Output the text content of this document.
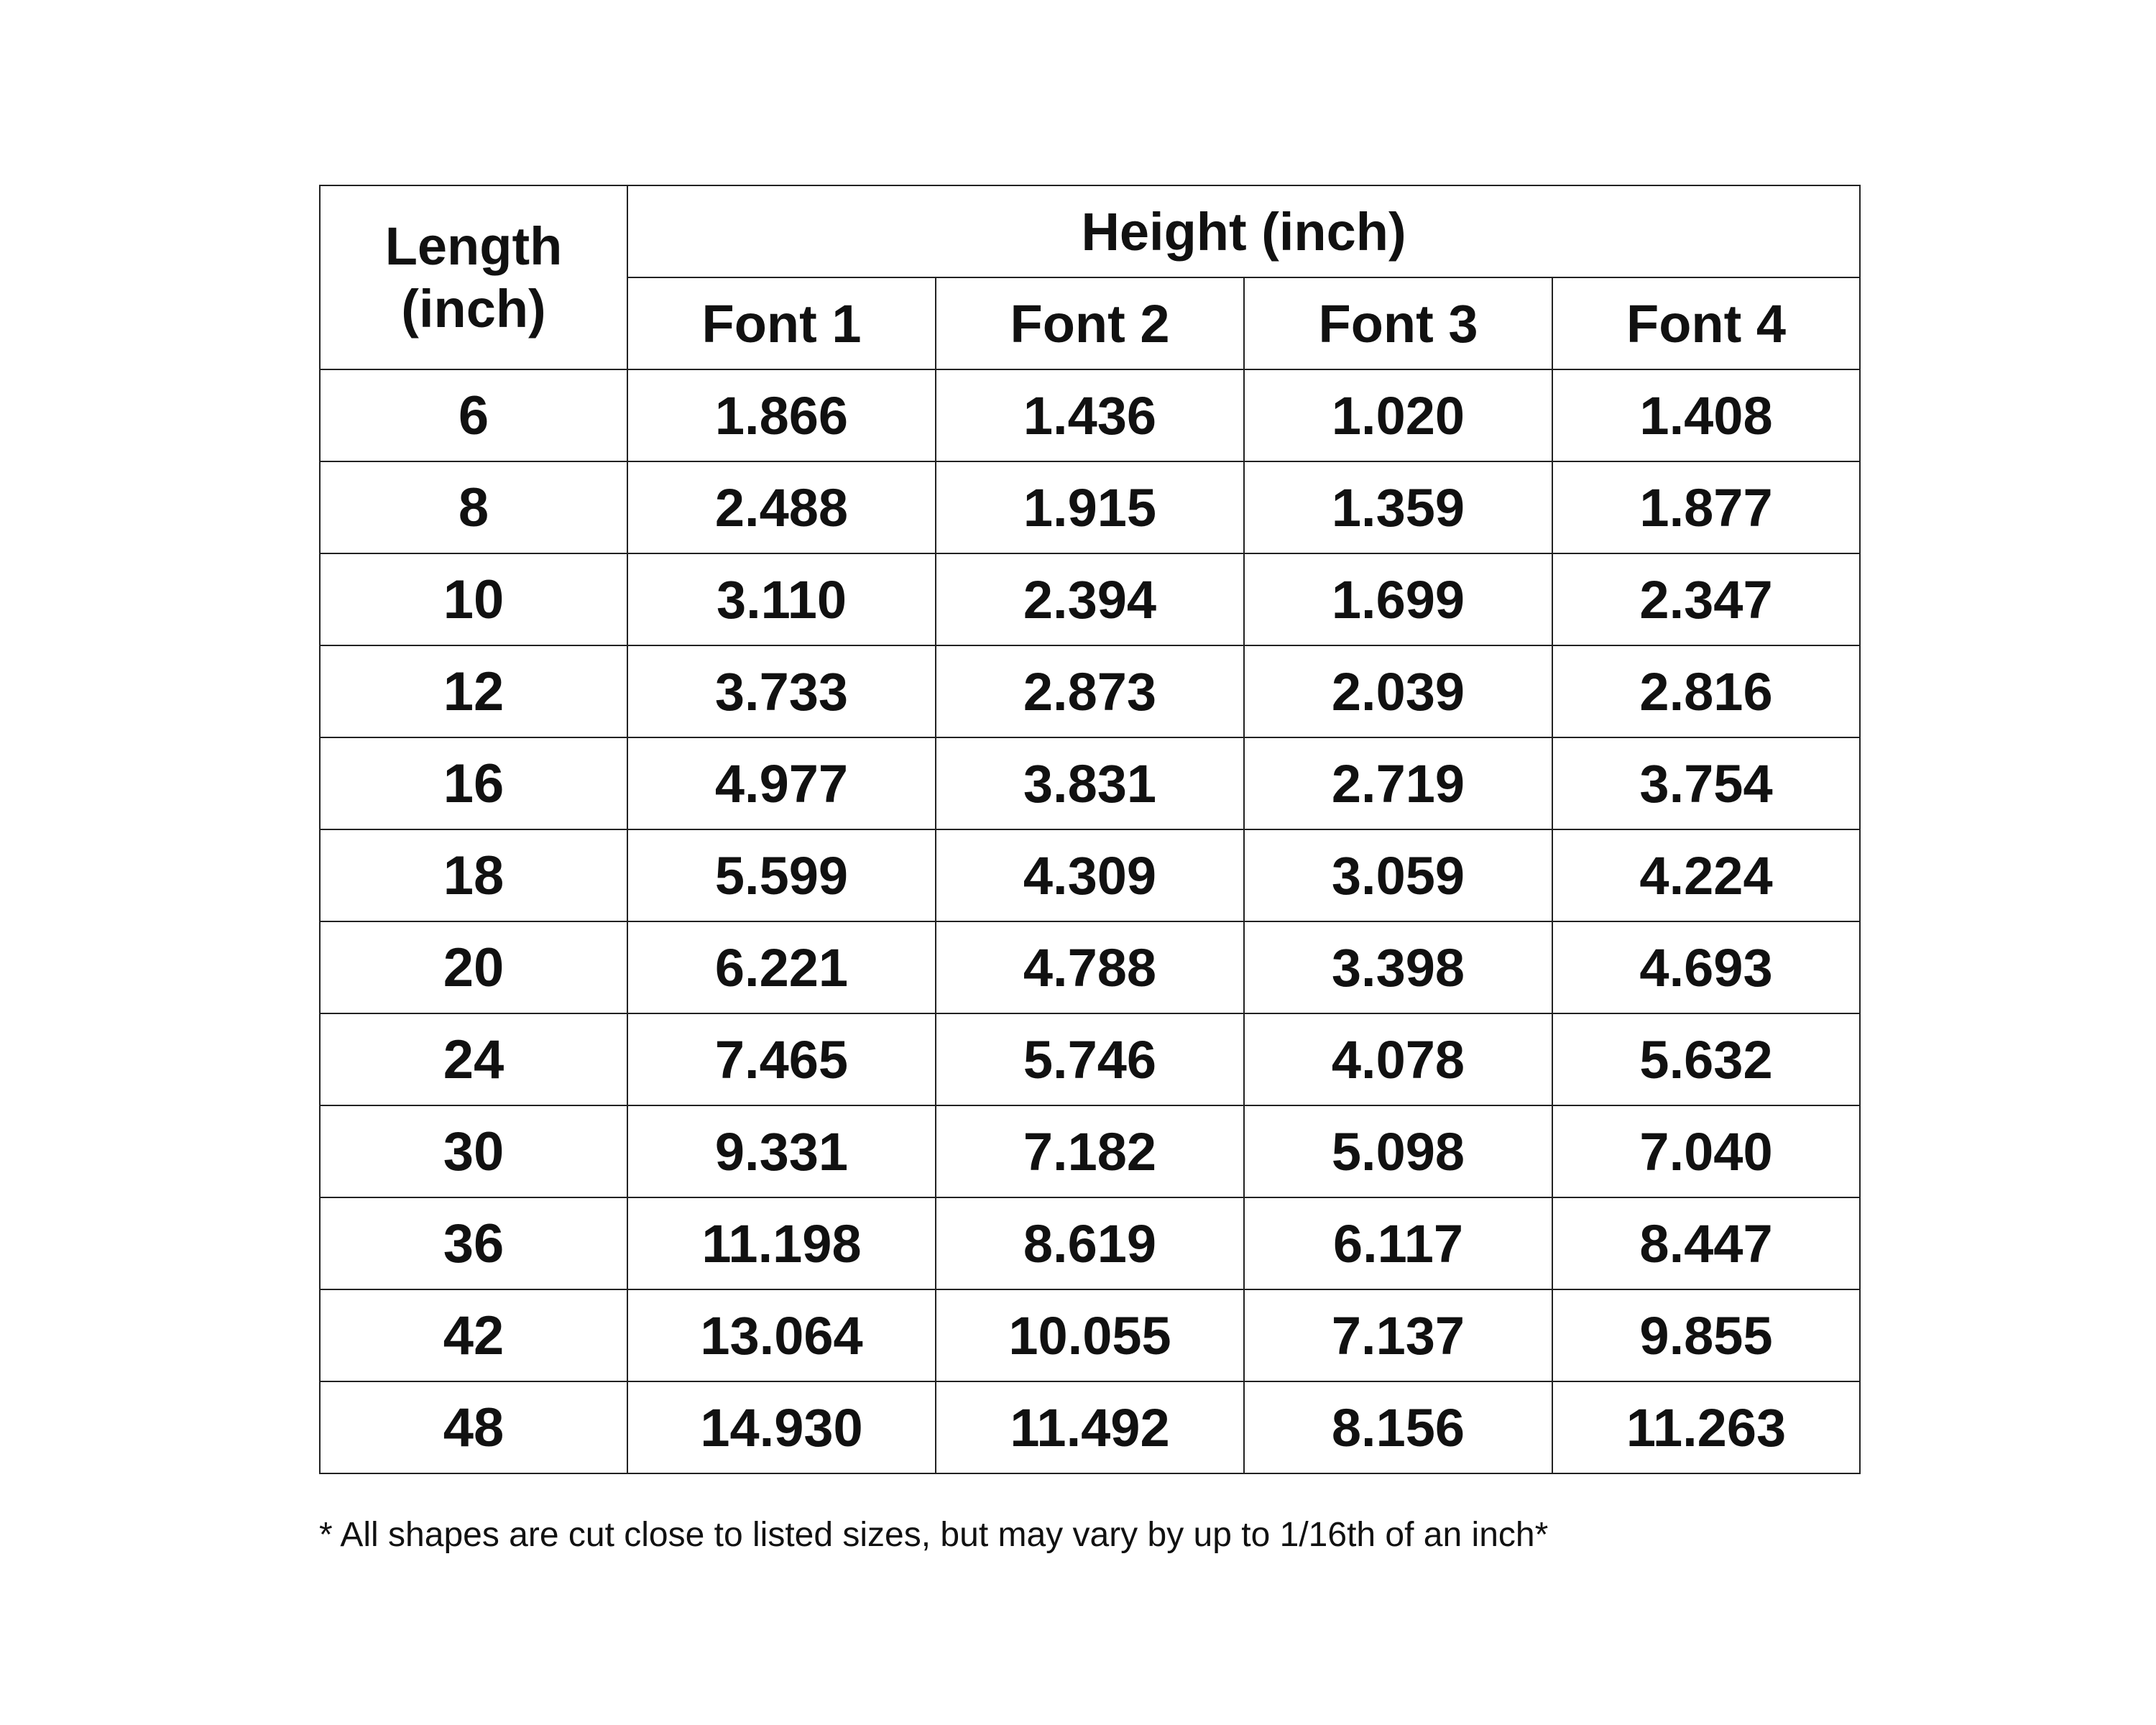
Length
(inch)	Height (inch)			
	Font 1	Font 2	Font 3	Font 4
6	1.866	1.436	1.020	1.408
8	2.488	1.915	1.359	1.877
10	3.110	2.394	1.699	2.347
12	3.733	2.873	2.039	2.816
16	4.977	3.831	2.719	3.754
18	5.599	4.309	3.059	4.224
20	6.221	4.788	3.398	4.693
24	7.465	5.746	4.078	5.632
30	9.331	7.182	5.098	7.040
36	11.198	8.619	6.117	8.447
42	13.064	10.055	7.137	9.855
48	14.930	11.492	8.156	11.263
* All shapes are cut close to listed sizes, but may vary by up to 1/16th of an inch*
